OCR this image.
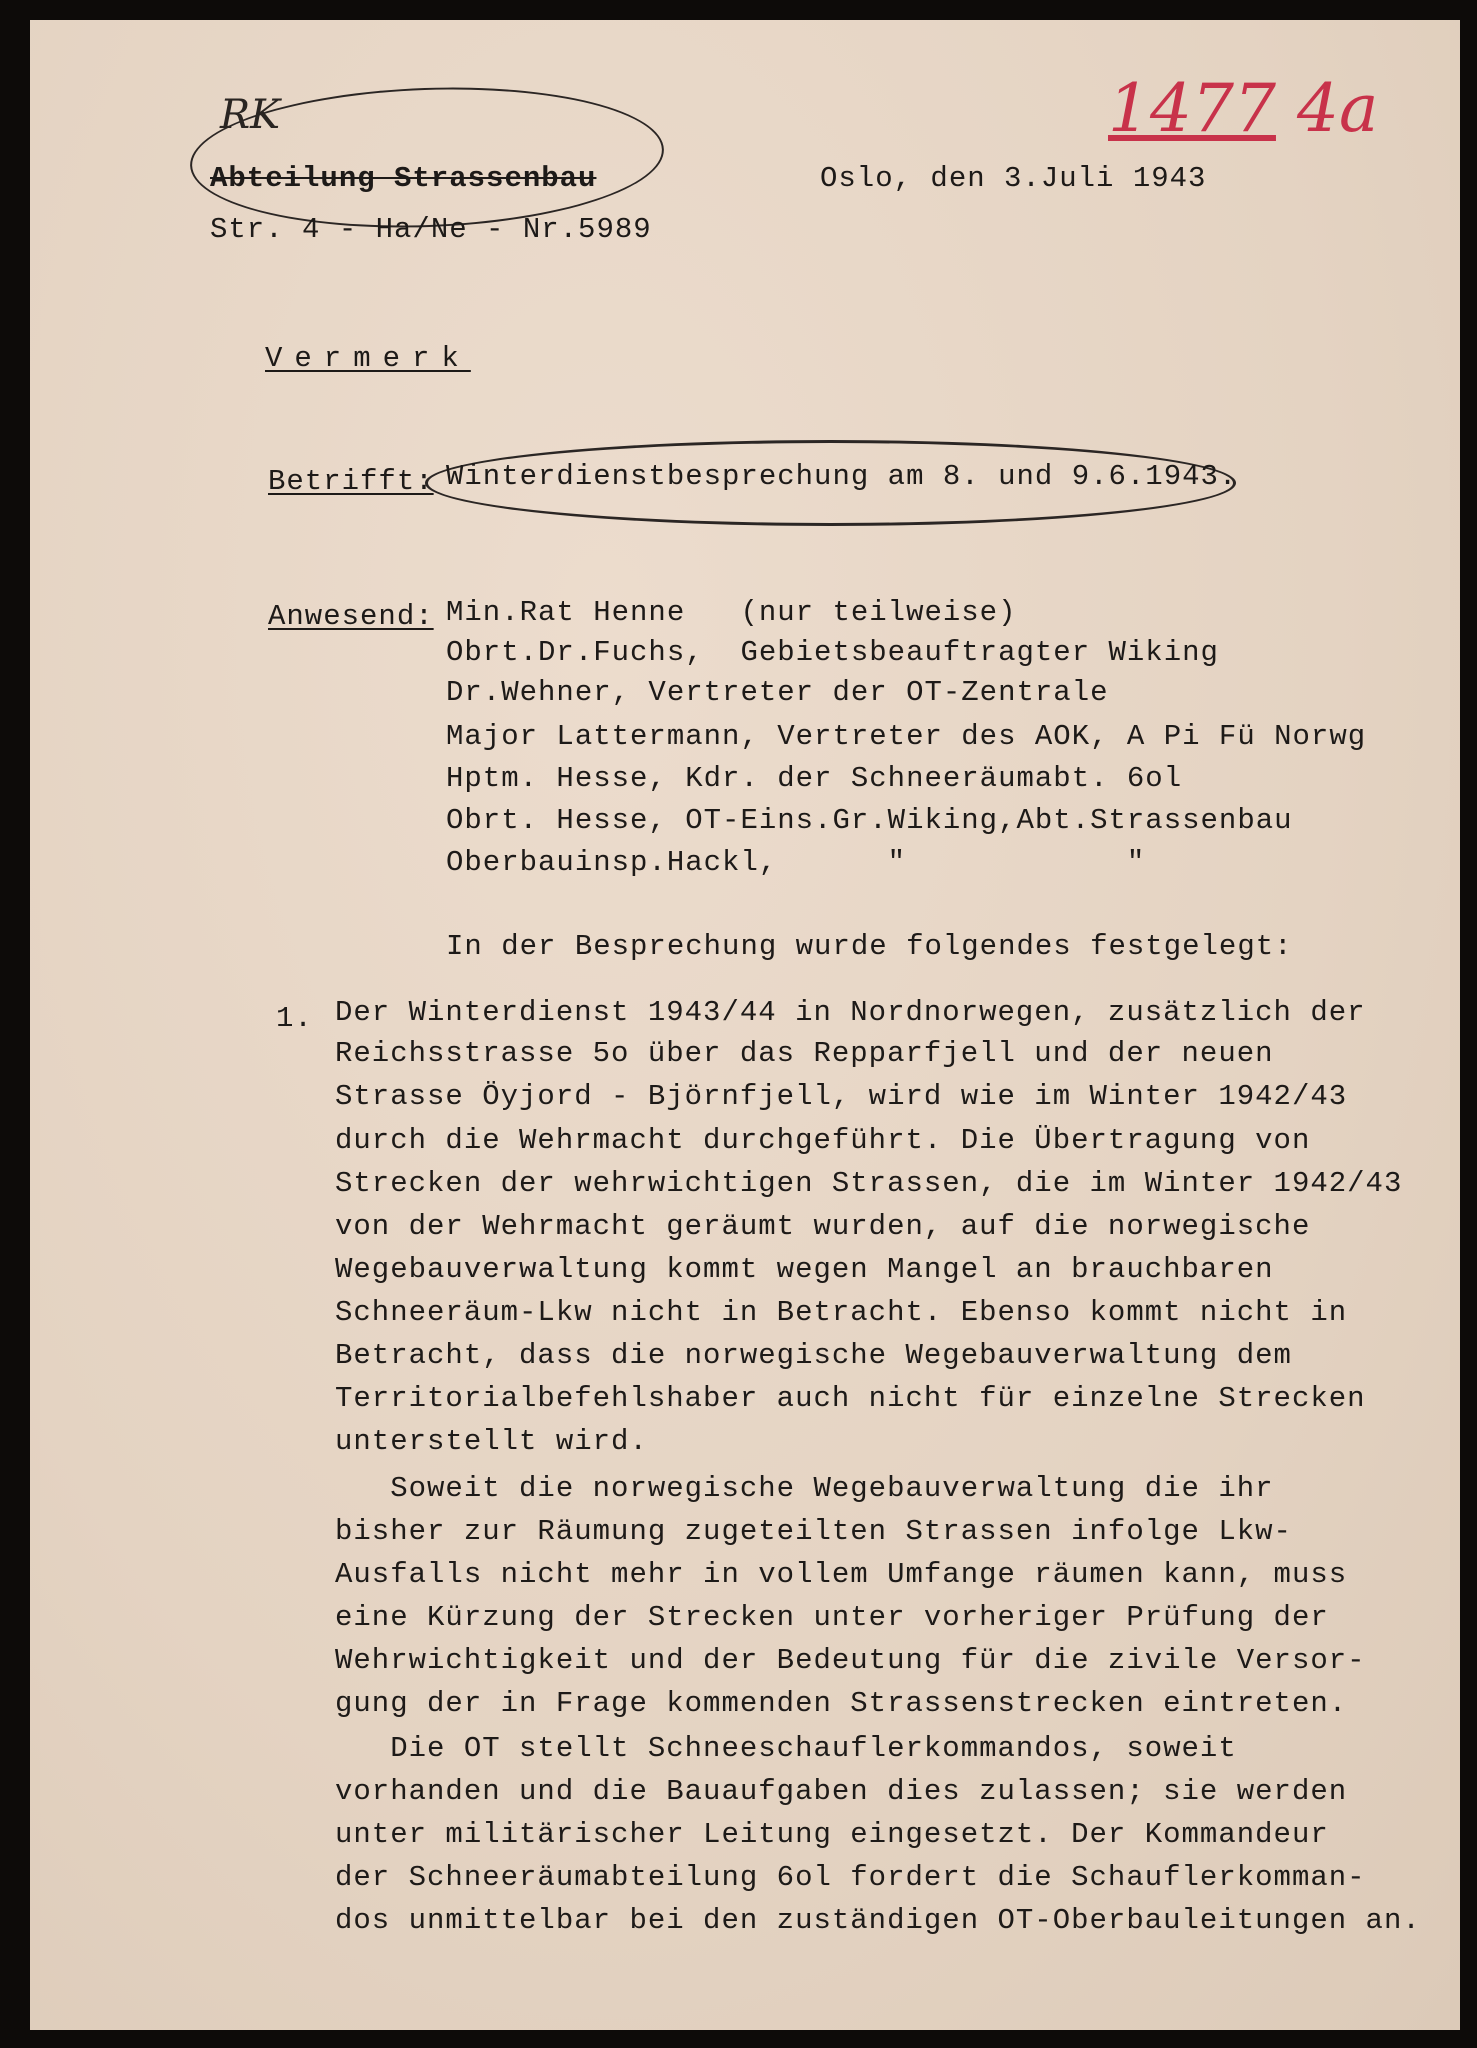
RK	1477 4a
Abteilung Strassenbau
Str. 4 - Ha/Ne - Nr.5989
Oslo, den 3.Juli 1943
Vermerk
Betrifft: Winterdienstbesprechung am 8. und 9.6.1943.
Anwesend: Min.Rat Henne   (nur teilweise)
Obrt.Dr.Fuchs,  Gebietsbeauftragter Wiking
Dr.Wehner, Vertreter der OT-Zentrale
Major Lattermann, Vertreter des AOK, A Pi Fü Norwg
Hptm. Hesse, Kdr. der Schneeräumabt. 6ol
Obrt. Hesse, OT-Eins.Gr.Wiking,Abt.Strassenbau
Oberbauinsp.Hackl,      "            "
In der Besprechung wurde folgendes festgelegt:
1. Der Winterdienst 1943/44 in Nordnorwegen, zusätzlich der
Reichsstrasse 5o über das Repparfjell und der neuen
Strasse Öyjord - Björnfjell, wird wie im Winter 1942/43
durch die Wehrmacht durchgeführt. Die Übertragung von
Strecken der wehrwichtigen Strassen, die im Winter 1942/43
von der Wehrmacht geräumt wurden, auf die norwegische
Wegebauverwaltung kommt wegen Mangel an brauchbaren
Schneeräum-Lkw nicht in Betracht. Ebenso kommt nicht in
Betracht, dass die norwegische Wegebauverwaltung dem
Territorialbefehlshaber auch nicht für einzelne Strecken
unterstellt wird.
Soweit die norwegische Wegebauverwaltung die ihr
bisher zur Räumung zugeteilten Strassen infolge Lkw-
Ausfalls nicht mehr in vollem Umfange räumen kann, muss
eine Kürzung der Strecken unter vorheriger Prüfung der
Wehrwichtigkeit und der Bedeutung für die zivile Versor-
gung der in Frage kommenden Strassenstrecken eintreten.
Die OT stellt Schneeschauflerkommandos, soweit
vorhanden und die Bauaufgaben dies zulassen; sie werden
unter militärischer Leitung eingesetzt. Der Kommandeur
der Schneeräumabteilung 6ol fordert die Schauflerkomman-
dos unmittelbar bei den zuständigen OT-Oberbauleitungen an.
